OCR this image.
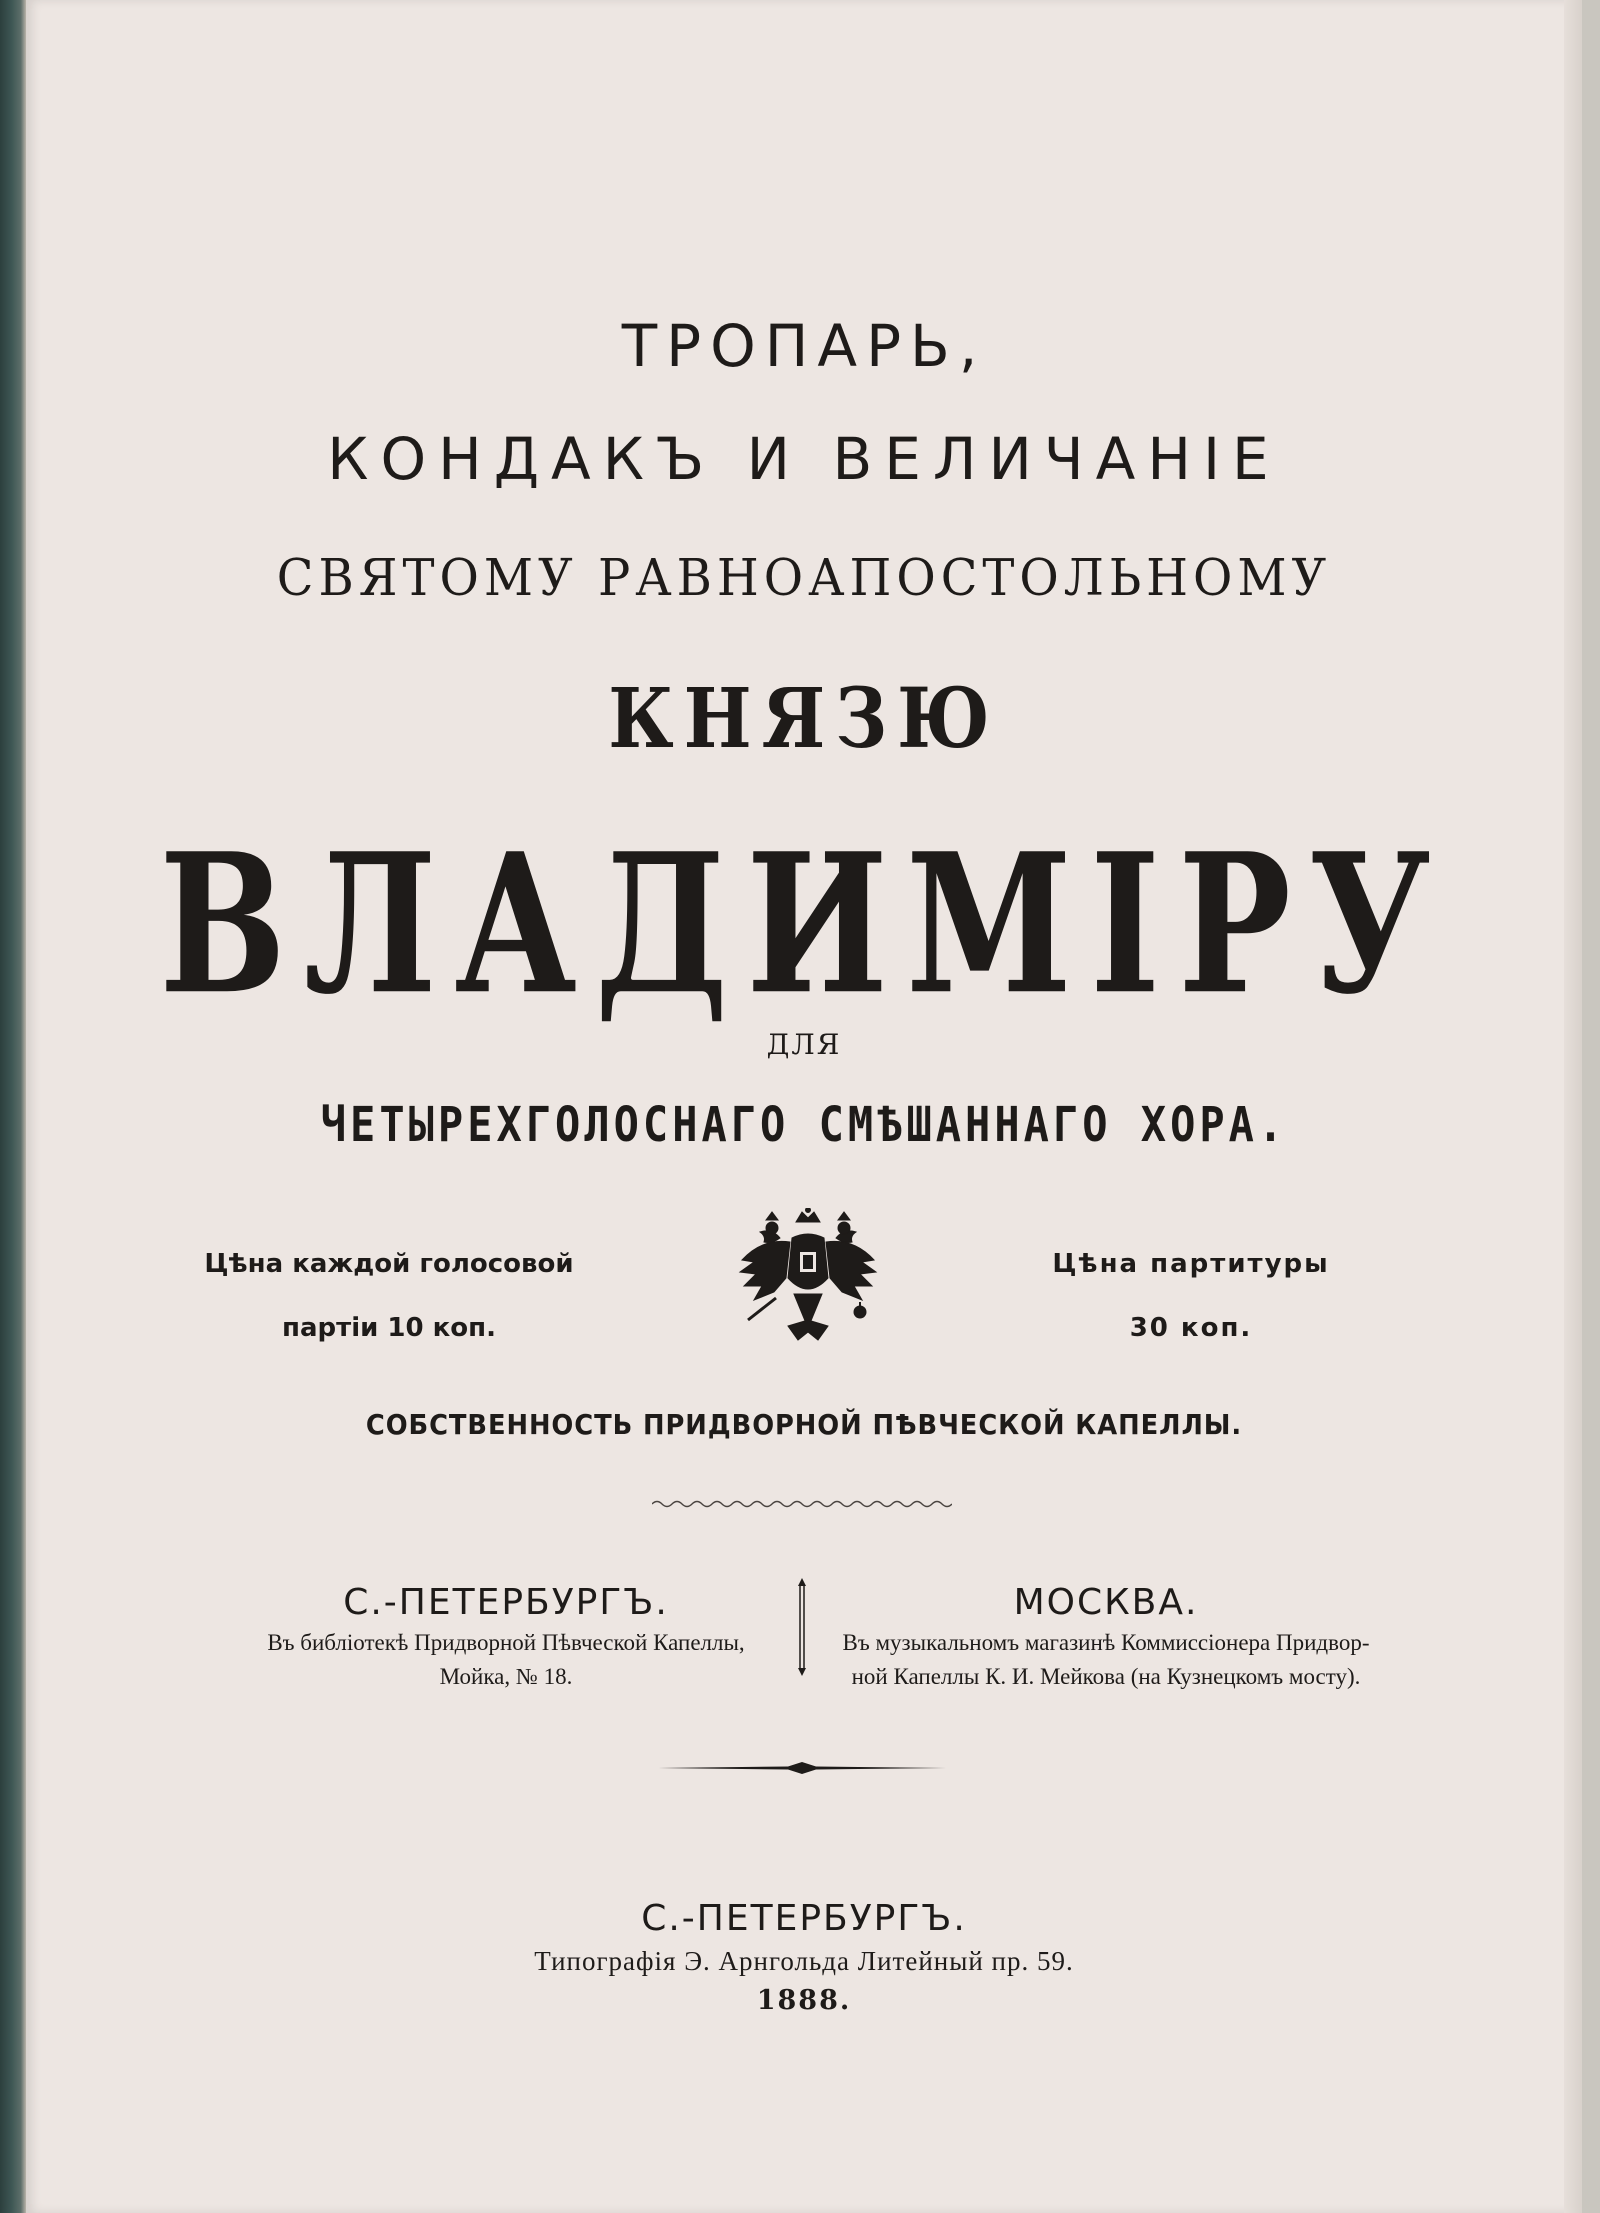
ТРОПАРЬ,
КОНДАКЪ И ВЕЛИЧАНІЕ
СВЯТОМУ РАВНОАПОСТОЛЬНОМУ
КНЯЗЮ
ВЛАДИМІРУ
ДЛЯ
ЧЕТЫРЕХГОЛОСНАГО СМѢШАННАГО ХОРА.
Цѣна каждой голосовой
партіи 10 коп.
Цѣна партитуры
30 коп.
СОБСТВЕННОСТЬ ПРИДВОРНОЙ ПѢВЧЕСКОЙ КАПЕЛЛЫ.
С.-ПЕТЕРБУРГЪ.
Въ библіотекѣ Придворной Пѣвческой Капеллы,
Мойка, № 18.
МОСКВА.
Въ музыкальномъ магазинѣ Коммиссіонера Придвор-
ной Капеллы К. И. Мейкова (на Кузнецкомъ мосту).
С.-ПЕТЕРБУРГЪ.
Типографія Э. Арнгольда Литейный пр. 59.
1888.
